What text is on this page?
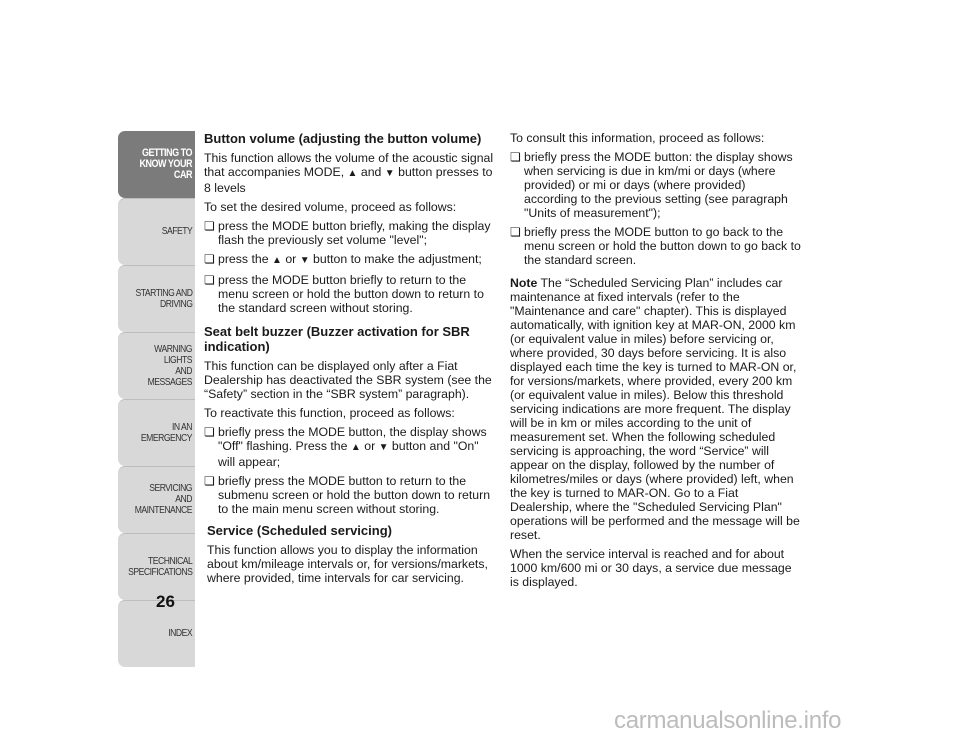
GETTING TO
KNOW YOUR CAR
SAFETY
STARTING AND
DRIVING
WARNING LIGHTS
AND MESSAGES
IN AN EMERGENCY
SERVICING AND
MAINTENANCE
TECHNICAL
SPECIFICATIONS
INDEX
26
Button volume (adjusting the button volume)

This function allows the volume of the acoustic signal that accompanies MODE, ▲ and ▼ button presses to 8 levels

To set the desired volume, proceed as follows:

❏ press the MODE button briefly, making the display flash the previously set volume "level";

❏ press the ▲ or ▼ button to make the adjustment;

❏ press the MODE button briefly to return to the menu screen or hold the button down to return to the standard screen without storing.

Seat belt buzzer (Buzzer activation for SBR indication)

This function can be displayed only after a Fiat Dealership has deactivated the SBR system (see the “Safety” section in the “SBR system” paragraph).

To reactivate this function, proceed as follows:

❏ briefly press the MODE button, the display shows "Off" flashing. Press the ▲ or ▼ button and "On" will appear;

❏ briefly press the MODE button to return to the submenu screen or hold the button down to return to the main menu screen without storing.

Service (Scheduled servicing)

This function allows you to display the information about km/mileage intervals or, for versions/markets, where provided, time intervals for car servicing.

To consult this information, proceed as follows:

❏ briefly press the MODE button: the display shows when servicing is due in km/mi or days (where provided) or mi or days (where provided) according to the previous setting (see paragraph "Units of measurement");

❏ briefly press the MODE button to go back to the menu screen or hold the button down to go back to the standard screen.

Note The “Scheduled Servicing Plan” includes car maintenance at fixed intervals (refer to the "Maintenance and care" chapter). This is displayed automatically, with ignition key at MAR-ON, 2000 km (or equivalent value in miles) before servicing or, where provided, 30 days before servicing. It is also displayed each time the key is turned to MAR-ON or, for versions/markets, where provided, every 200 km (or equivalent value in miles). Below this threshold servicing indications are more frequent. The display will be in km or miles according to the unit of measurement set. When the following scheduled servicing is approaching, the word “Service” will appear on the display, followed by the number of kilometres/miles or days (where provided) left, when the key is turned to MAR-ON. Go to a Fiat Dealership, where the "Scheduled Servicing Plan" operations will be performed and the message will be reset.

When the service interval is reached and for about 1000 km/600 mi or 30 days, a service due message is displayed.

carmanualsonline.info
